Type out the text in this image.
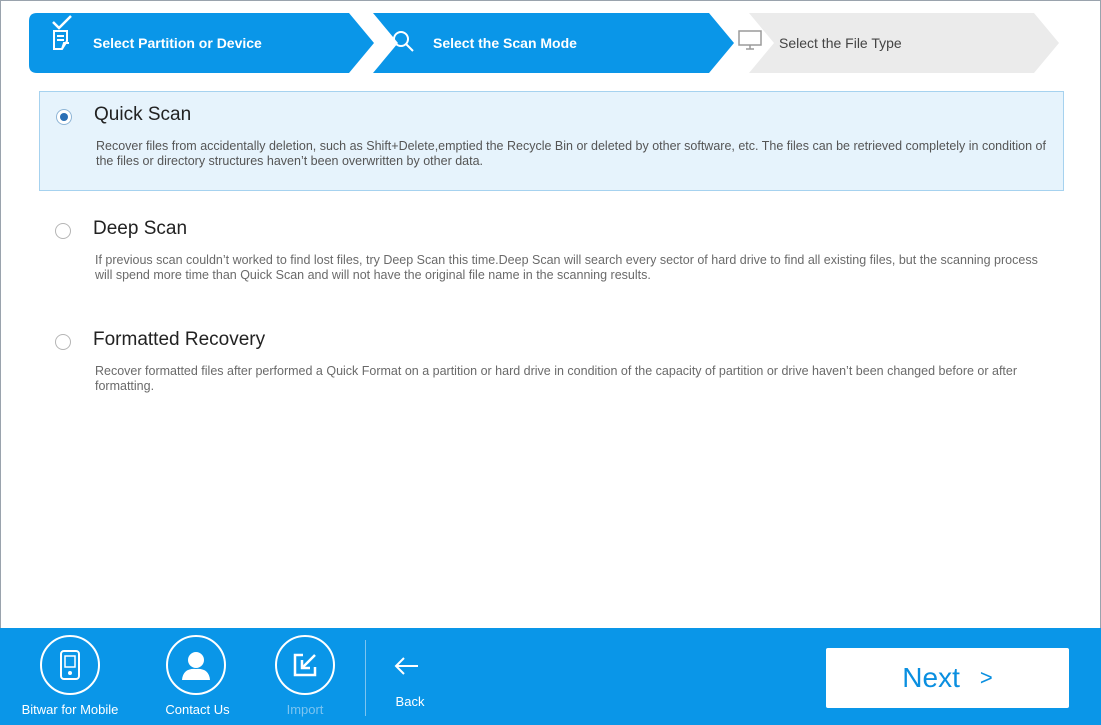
Select Partition or Device	Select the Scan Mode	Select the File Type
Quick Scan
Recover files from accidentally deletion, such as Shift+Delete,emptied the Recycle Bin or deleted by other software, etc. The files can be retrieved completely in condition of the files or directory structures haven’t been overwritten by other data.
Deep Scan
If previous scan couldn’t worked to find lost files, try Deep Scan this time.Deep Scan will search every sector of hard drive to find all existing files, but the scanning process will spend more time than Quick Scan and will not have the original file name in the scanning results.
Formatted Recovery
Recover formatted files after performed a Quick Format on a partition or hard drive in condition of the capacity of partition or drive haven’t been changed before or after formatting.
Bitwar for Mobile	Contact Us	Import
Back
Next >
